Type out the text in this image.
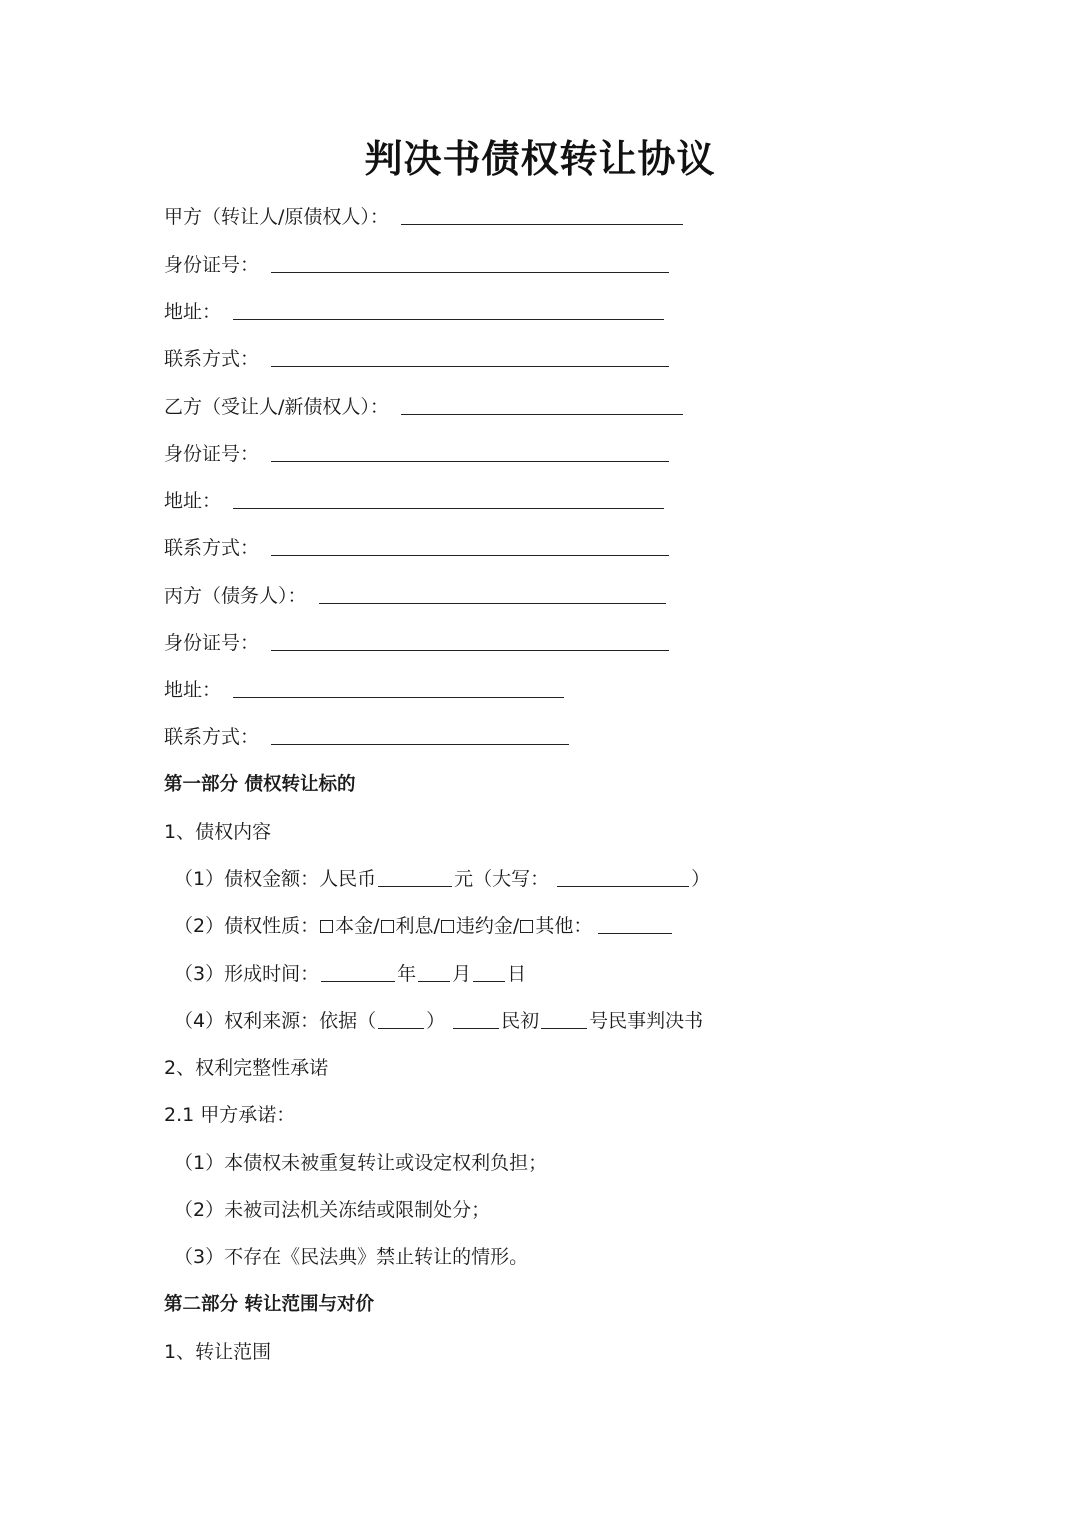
判决书债权转让协议
甲方（转让人/原债权人）：
身份证号：
地址：
联系方式：
乙方（受让人/新债权人）：
身份证号：
地址：
联系方式：
丙方（债务人）：
身份证号：
地址：
联系方式：
第一部分 债权转让标的
1、债权内容
（1）债权金额：人民币	元（大写：	）
（2）债权性质： 本金/ 利息/ 违约金/ 其他：
（3）形成时间：	年 月 日
（4）权利来源：依据（	）	民初	号民事判决书
2、权利完整性承诺
2.1 甲方承诺：
（1）本债权未被重复转让或设定权利负担；
（2）未被司法机关冻结或限制处分；
（3）不存在《民法典》禁止转让的情形。
第二部分 转让范围与对价
1、转让范围
